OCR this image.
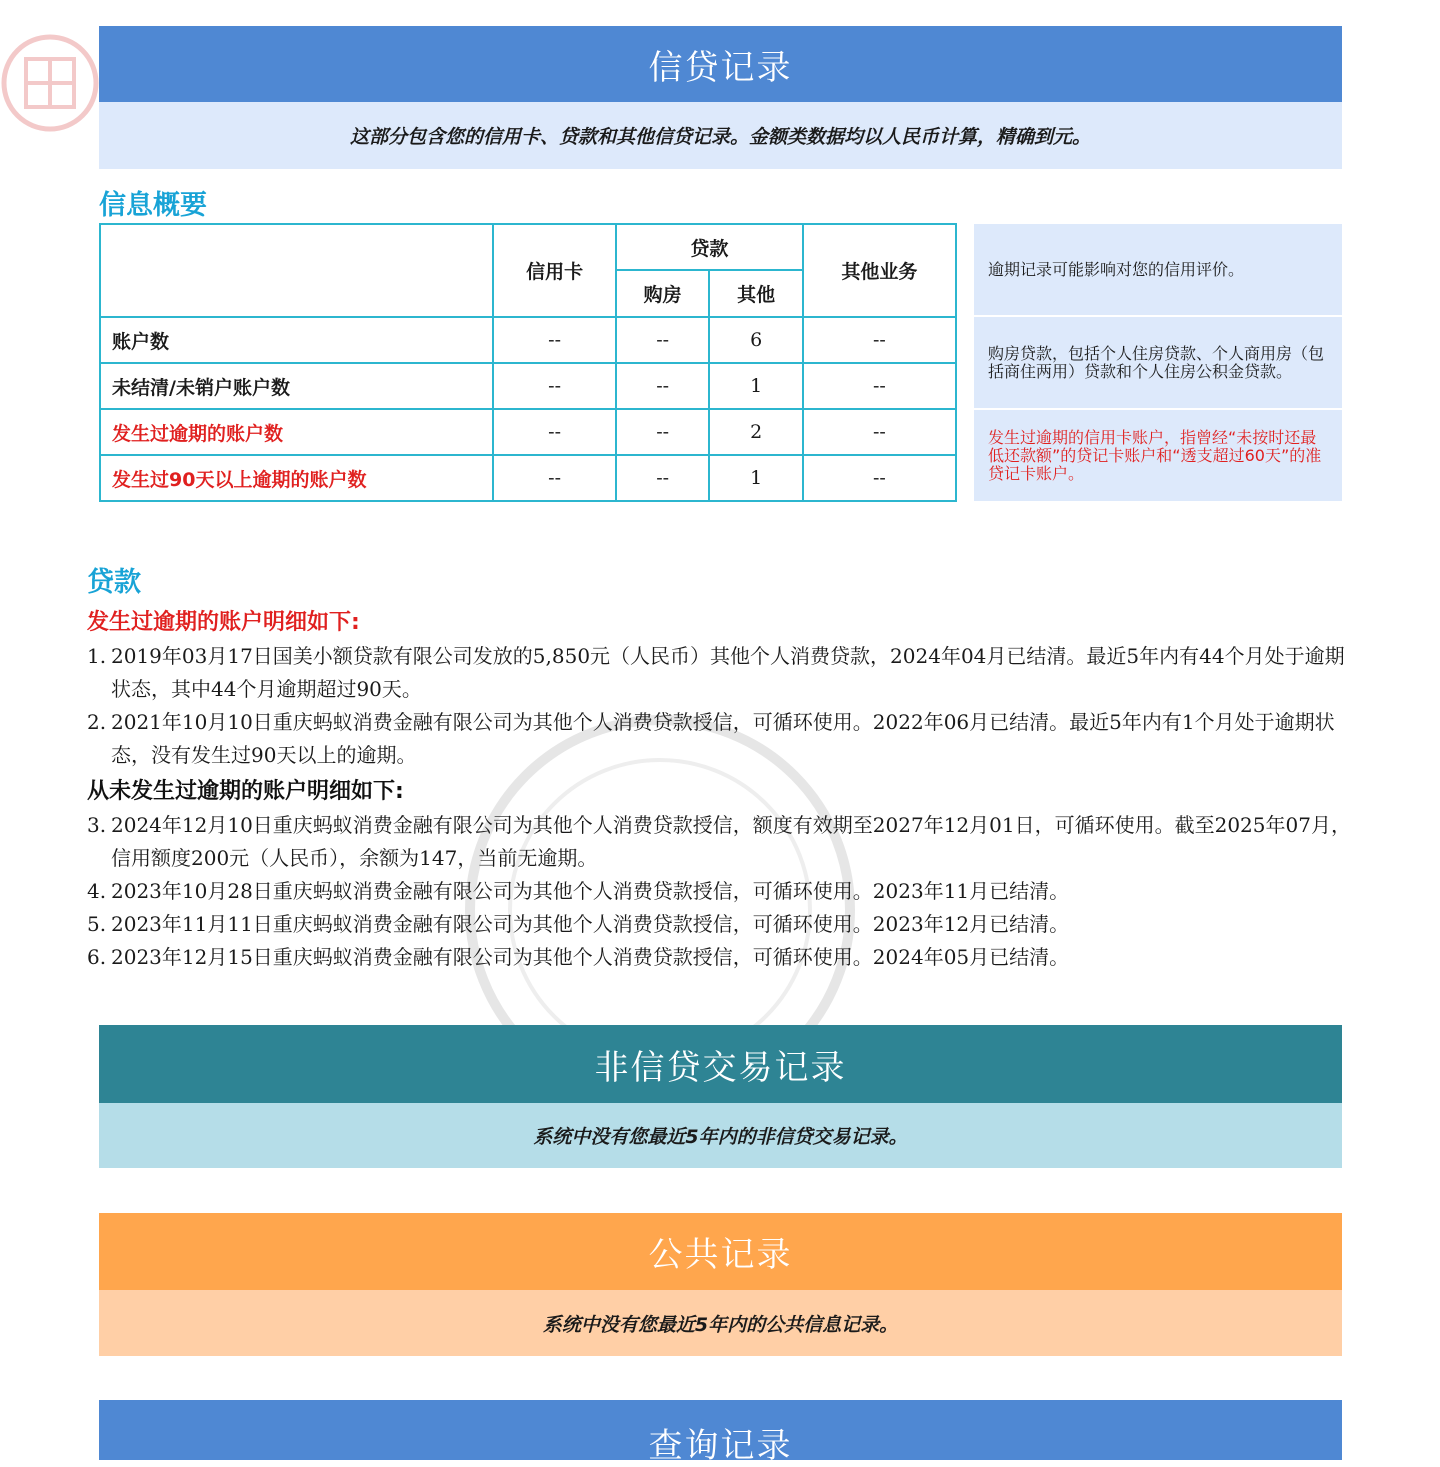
信贷记录
这部分包含您的信用卡、贷款和其他信贷记录。金额类数据均以人民币计算，精确到元。
信息概要
	信用卡	贷款		其他业务
		购房	其他	
账户数	--	--	6	--
未结清/未销户账户数	--	--	1	--
发生过逾期的账户数	--	--	2	--
发生过90天以上逾期的账户数	--	--	1	--
逾期记录可能影响对您的信用评价。
购房贷款，包括个人住房贷款、个人商用房（包括商住两用）贷款和个人住房公积金贷款。
发生过逾期的信用卡账户，指曾经“未按时还最低还款额”的贷记卡账户和“透支超过60天”的准贷记卡账户。
贷款
发生过逾期的账户明细如下:
1. 2019年03月17日国美小额贷款有限公司发放的5,850元（人民币）其他个人消费贷款，2024年04月已结清。最近5年内有44个月处于逾期状态，其中44个月逾期超过90天。
2. 2021年10月10日重庆蚂蚁消费金融有限公司为其他个人消费贷款授信，可循环使用。2022年06月已结清。最近5年内有1个月处于逾期状态，没有发生过90天以上的逾期。
从未发生过逾期的账户明细如下:
3. 2024年12月10日重庆蚂蚁消费金融有限公司为其他个人消费贷款授信，额度有效期至2027年12月01日，可循环使用。截至2025年07月，信用额度200元（人民币），余额为147，当前无逾期。
4. 2023年10月28日重庆蚂蚁消费金融有限公司为其他个人消费贷款授信，可循环使用。2023年11月已结清。
5. 2023年11月11日重庆蚂蚁消费金融有限公司为其他个人消费贷款授信，可循环使用。2023年12月已结清。
6. 2023年12月15日重庆蚂蚁消费金融有限公司为其他个人消费贷款授信，可循环使用。2024年05月已结清。
非信贷交易记录
系统中没有您最近5年内的非信贷交易记录。
公共记录
系统中没有您最近5年内的公共信息记录。
查询记录
